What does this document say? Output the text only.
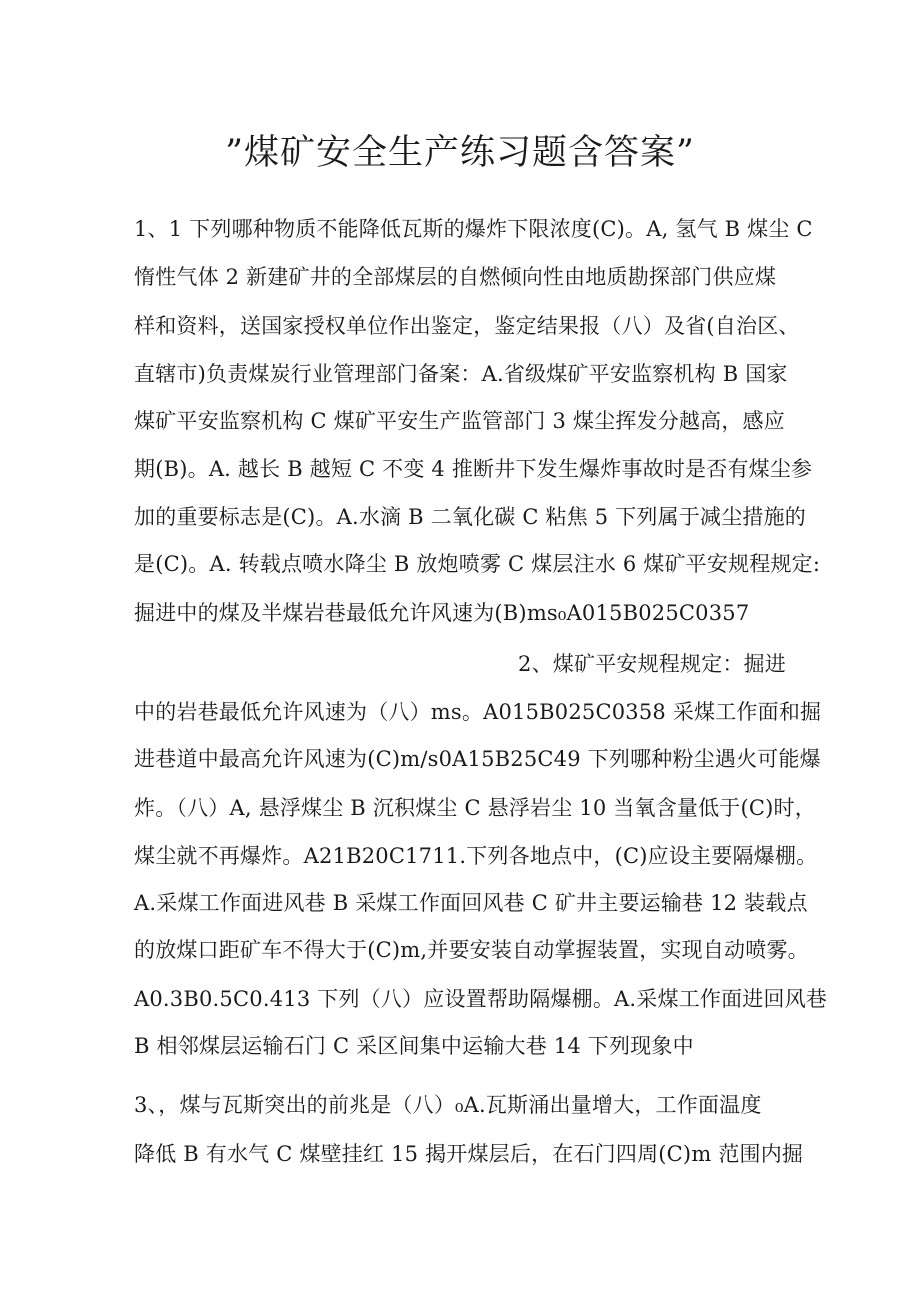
”煤矿安全生产练习题含答案”
1、1 下列哪种物质不能降低瓦斯的爆炸下限浓度(C)。A, 氢气 B 煤尘 C
惰性气体 2 新建矿井的全部煤层的自燃倾向性由地质勘探部门供应煤
样和资料，送国家授权单位作出鉴定，鉴定结果报（八）及省(自治区、
直辖市)负责煤炭行业管理部门备案：A.省级煤矿平安监察机构 B 国家
煤矿平安监察机构 C 煤矿平安生产监管部门 3 煤尘挥发分越高，感应
期(B)。A. 越长 B 越短 C 不变 4 推断井下发生爆炸事故时是否有煤尘参
加的重要标志是(C)。A.水滴 B 二氧化碳 C 粘焦 5 下列属于减尘措施的
是(C)。A. 转载点喷水降尘 B 放炮喷雾 C 煤层注水 6 煤矿平安规程规定:
掘进中的煤及半煤岩巷最低允许风速为(B)ms₀A015B025C0357
2、煤矿平安规程规定：掘进
中的岩巷最低允许风速为（八）ms。A015B025C0358 采煤工作面和掘
进巷道中最高允许风速为(C)m∕s0A15B25C49 下列哪种粉尘遇火可能爆
炸。（八）A, 悬浮煤尘 B 沉积煤尘 C 悬浮岩尘 10 当氧含量低于(C)时，
煤尘就不再爆炸。A21B20C1711.下列各地点中，(C)应设主要隔爆棚。
A.采煤工作面进风巷 B 采煤工作面回风巷 C 矿井主要运输巷 12 装载点
的放煤口距矿车不得大于(C)m,并要安装自动掌握装置，实现自动喷雾。
A0.3B0.5C0.413 下列（八）应设置帮助隔爆棚。A.采煤工作面进回风巷
B 相邻煤层运输石门 C 采区间集中运输大巷 14 下列现象中
3、，煤与瓦斯突出的前兆是（八）₀A.瓦斯涌出量增大，工作面温度
降低 B 有水气 C 煤壁挂红 15 揭开煤层后，在石门四周(C)m 范围内掘
